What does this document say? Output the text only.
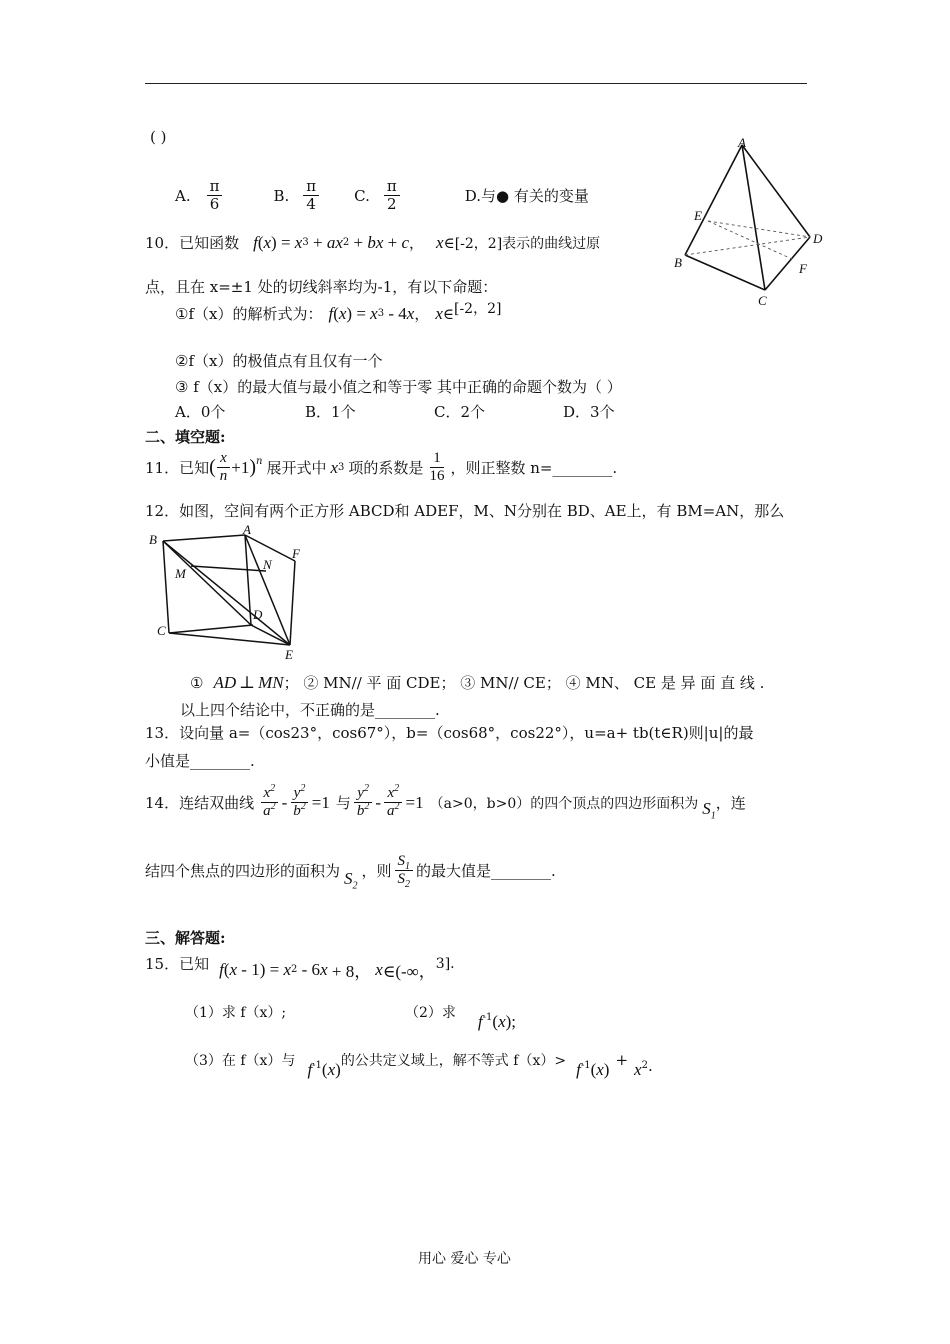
( )
A. $\frac{\pi}{6}$	B. $\frac{\pi}{4} C$. $\frac{\pi}{2}$	D.与● 有关的变量
A
E
D
B	F
C
10．已知函数 f ( x ) = x 3 + ax 2 + bx + c ， x ∈ [-2，2]表示的曲线过原
点，且在 x=±1 处的切线斜率均为-1，有以下命题：
①f（x）的解析式为： f ( x ) = x 3 - 4 x ， x ∈ [-2，2]
②f（x）的极值点有且仅有一个
③ f（x）的最大值与最小值之和等于零 其中正确的命题个数为（ ）
A．0个	B．1个	C．2个	D．3个
二、填空题:
11．已知 ( $\frac{x}{n} +1$ )$^n$ 展开式中 x 3 项的系数是 $\frac{1}{16}$ ，则正整数 n=________.
12．如图，空间有两个正方形 ABCD和 ADEF，M、N分别在 BD、AE上，有 BM=AN，那么
B
A
M
N
F
D
C
E
① AD ⊥ MN ； ② MN// 平 面 CDE； ③ MN// CE； ④ MN、 CE 是 异 面 直 线 .
以上四个结论中，不正确的是________.
13．设向量 a=（cos23°，cos67°），b=（cos68°，cos22°），u=a+ tb(t∈R)则|u|的最
小值是________.
14．连结双曲线 $\frac{x^2}{a^2} - \frac{y^2}{b^2} =1$ 与 $\frac{y^2}{b^2} - \frac{x^2}{a^2} =1$ （a>0，b>0）的四个顶点的四边形面积为 $S_1$
，连
结四个焦点的四边形的面积为 $S_2$
，则 $\frac{S_1}{S_2}$ 的最大值是________.
三、解答题:
15．已知 f ( $x - 1) = x^2 - 6$ x + 8， x ∈(-∞， 3].
（1）求 f（x）;	（2）求 $f^{-1}$ ( x );
（3）在 f（x）与 $f^{-1}$ ( x ) 的公共定义域上，解不等式 $f(x)> f^{-1}$ ( x ) + $x^2$ .
用心 爱心 专心
